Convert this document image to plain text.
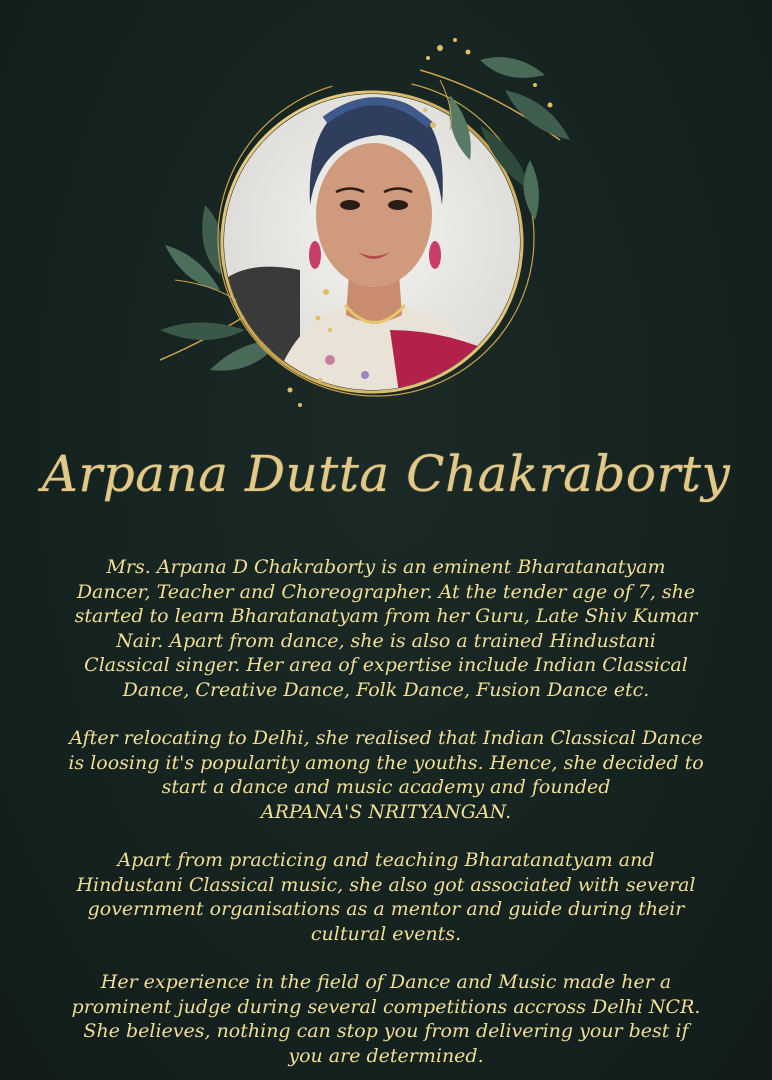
Arpana Dutta Chakraborty

Mrs. Arpana D Chakraborty is an eminent Bharatanatyam
Dancer, Teacher and Choreographer. At the tender age of 7, she
started to learn Bharatanatyam from her Guru, Late Shiv Kumar
Nair. Apart from dance, she is also a trained Hindustani
Classical singer. Her area of expertise include Indian Classical
Dance, Creative Dance, Folk Dance, Fusion Dance etc.

After relocating to Delhi, she realised that Indian Classical Dance
is loosing it's popularity among the youths. Hence, she decided to
start a dance and music academy and founded
ARPANA'S NRITYANGAN.

Apart from practicing and teaching Bharatanatyam and
Hindustani Classical music, she also got associated with several
government organisations as a mentor and guide during their
cultural events.

Her experience in the field of Dance and Music made her a
prominent judge during several competitions accross Delhi NCR.
She believes, nothing can stop you from delivering your best if
you are determined.
